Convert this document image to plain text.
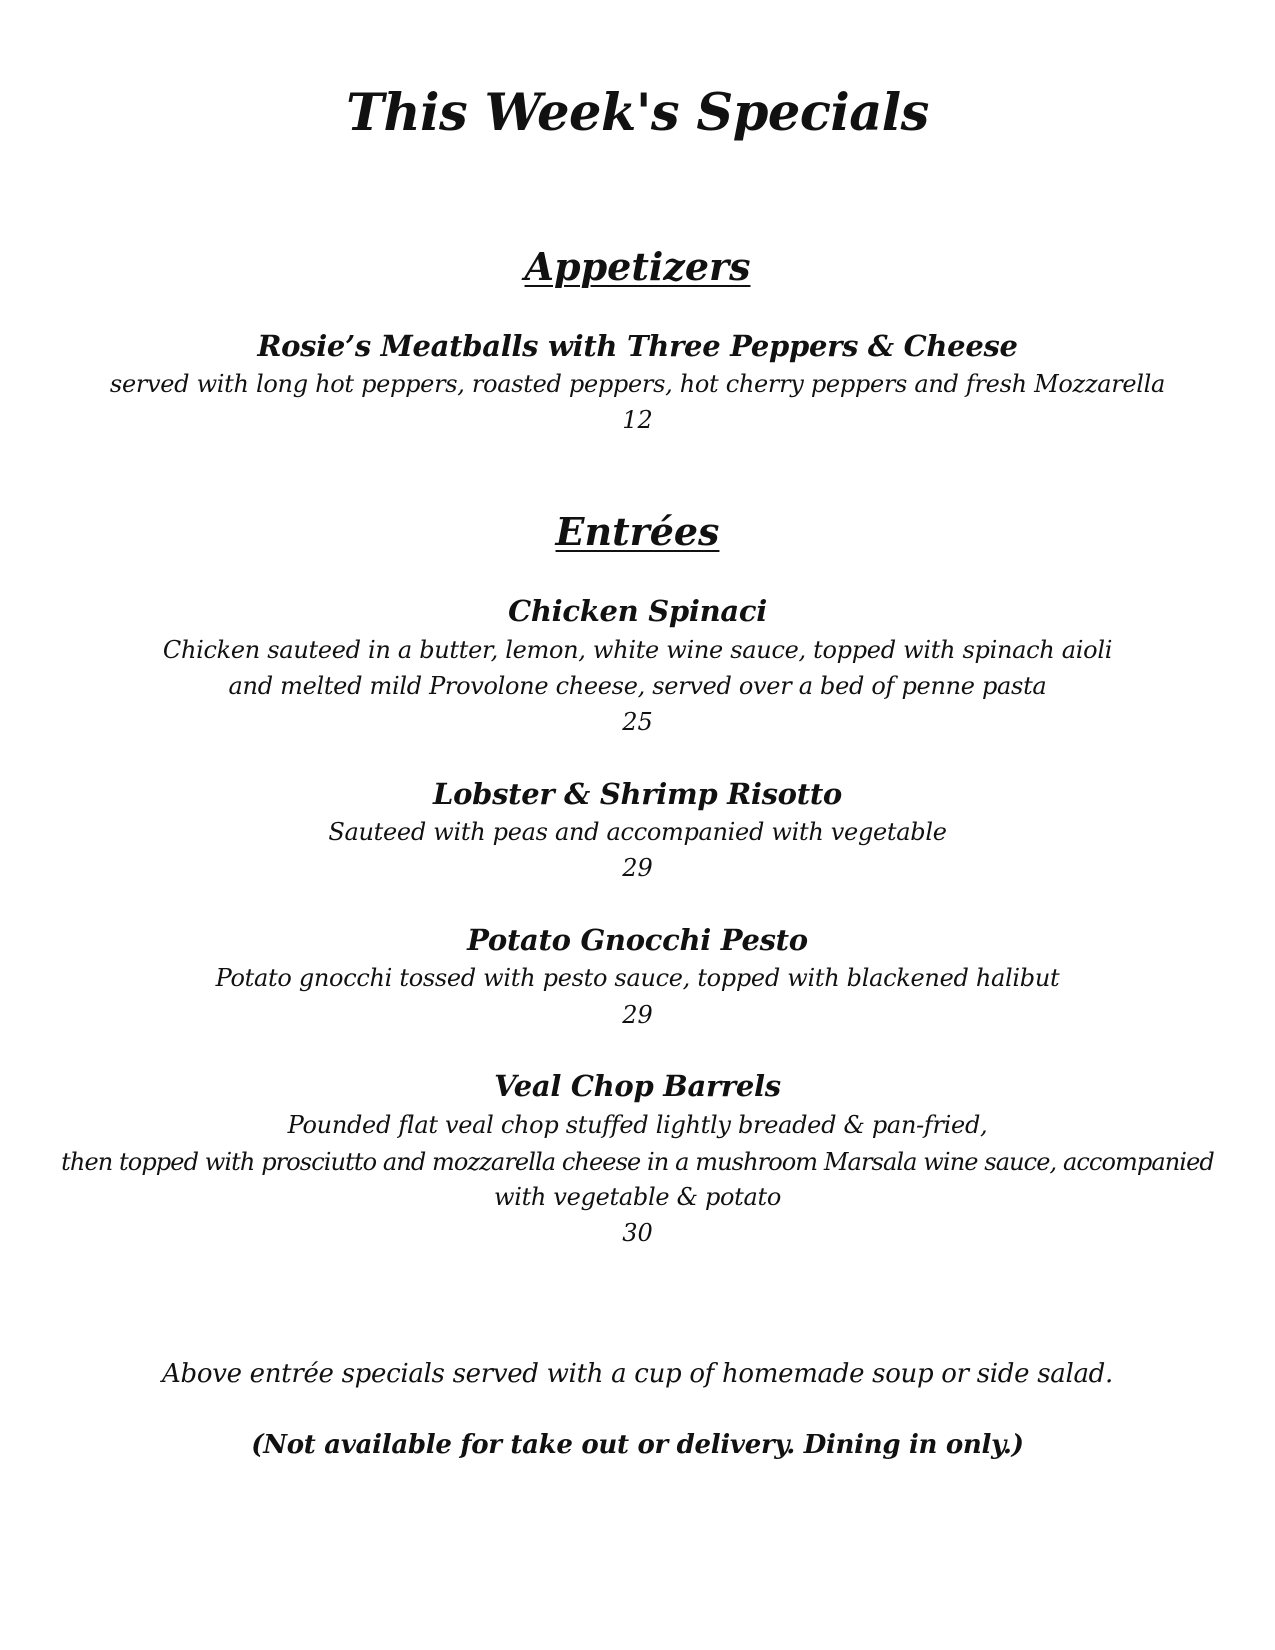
This Week's Specials
Appetizers
Rosie’s Meatballs with Three Peppers & Cheese
served with long hot peppers, roasted peppers, hot cherry peppers and fresh Mozzarella
12
Entrées
Chicken Spinaci
Chicken sauteed in a butter, lemon, white wine sauce, topped with spinach aioli
and melted mild Provolone cheese, served over a bed of penne pasta
25
Lobster & Shrimp Risotto
Sauteed with peas and accompanied with vegetable
29
Potato Gnocchi Pesto
Potato gnocchi tossed with pesto sauce, topped with blackened halibut
29
Veal Chop Barrels
Pounded flat veal chop stuffed lightly breaded & pan-fried,
then topped with prosciutto and mozzarella cheese in a mushroom Marsala wine sauce, accompanied
with vegetable & potato
30
Above entrée specials served with a cup of homemade soup or side salad.
(Not available for take out or delivery. Dining in only.)
